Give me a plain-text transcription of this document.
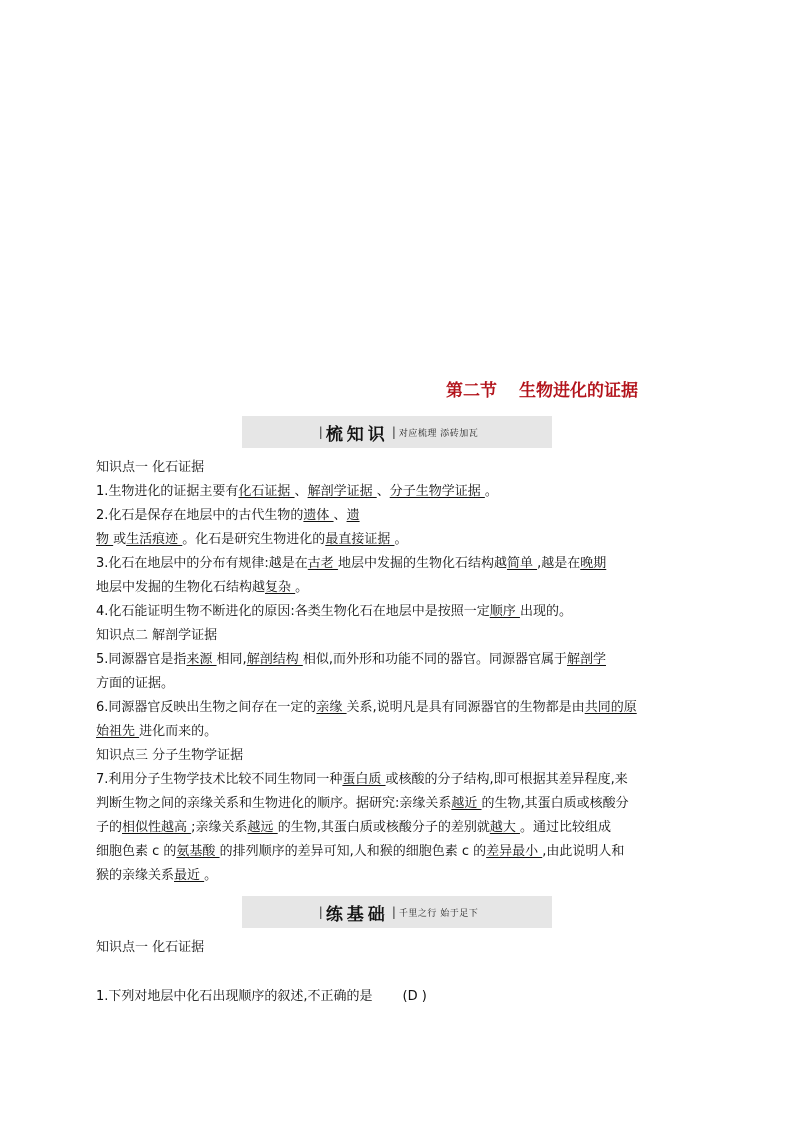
第二节 生物进化的证据
| 梳知识 | 对应梳理 添砖加瓦
知识点一 化石证据
1.生物进化的证据主要有化石证据 、解剖学证据 、分子生物学证据 。
2.化石是保存在地层中的古代生物的遗体 、遗
物 或生活痕迹 。化石是研究生物进化的最直接证据 。
3.化石在地层中的分布有规律:越是在古老 地层中发掘的生物化石结构越简单 ,越是在晚期
地层中发掘的生物化石结构越复杂 。
4.化石能证明生物不断进化的原因:各类生物化石在地层中是按照一定顺序 出现的。
知识点二 解剖学证据
5.同源器官是指来源 相同,解剖结构 相似,而外形和功能不同的器官。同源器官属于解剖学
方面的证据。
6.同源器官反映出生物之间存在一定的亲缘 关系,说明凡是具有同源器官的生物都是由共同的原
始祖先 进化而来的。
知识点三 分子生物学证据
7.利用分子生物学技术比较不同生物同一种蛋白质 或核酸的分子结构,即可根据其差异程度,来
判断生物之间的亲缘关系和生物进化的顺序。据研究:亲缘关系越近 的生物,其蛋白质或核酸分
子的相似性越高 ;亲缘关系越远 的生物,其蛋白质或核酸分子的差别就越大 。通过比较组成
细胞色素 c 的氨基酸 的排列顺序的差异可知,人和猴的细胞色素 c 的差异最小 ,由此说明人和
猴的亲缘关系最近 。
| 练基础 | 千里之行 始于足下
知识点一 化石证据
1.下列对地层中化石出现顺序的叙述,不正确的是 (D )
